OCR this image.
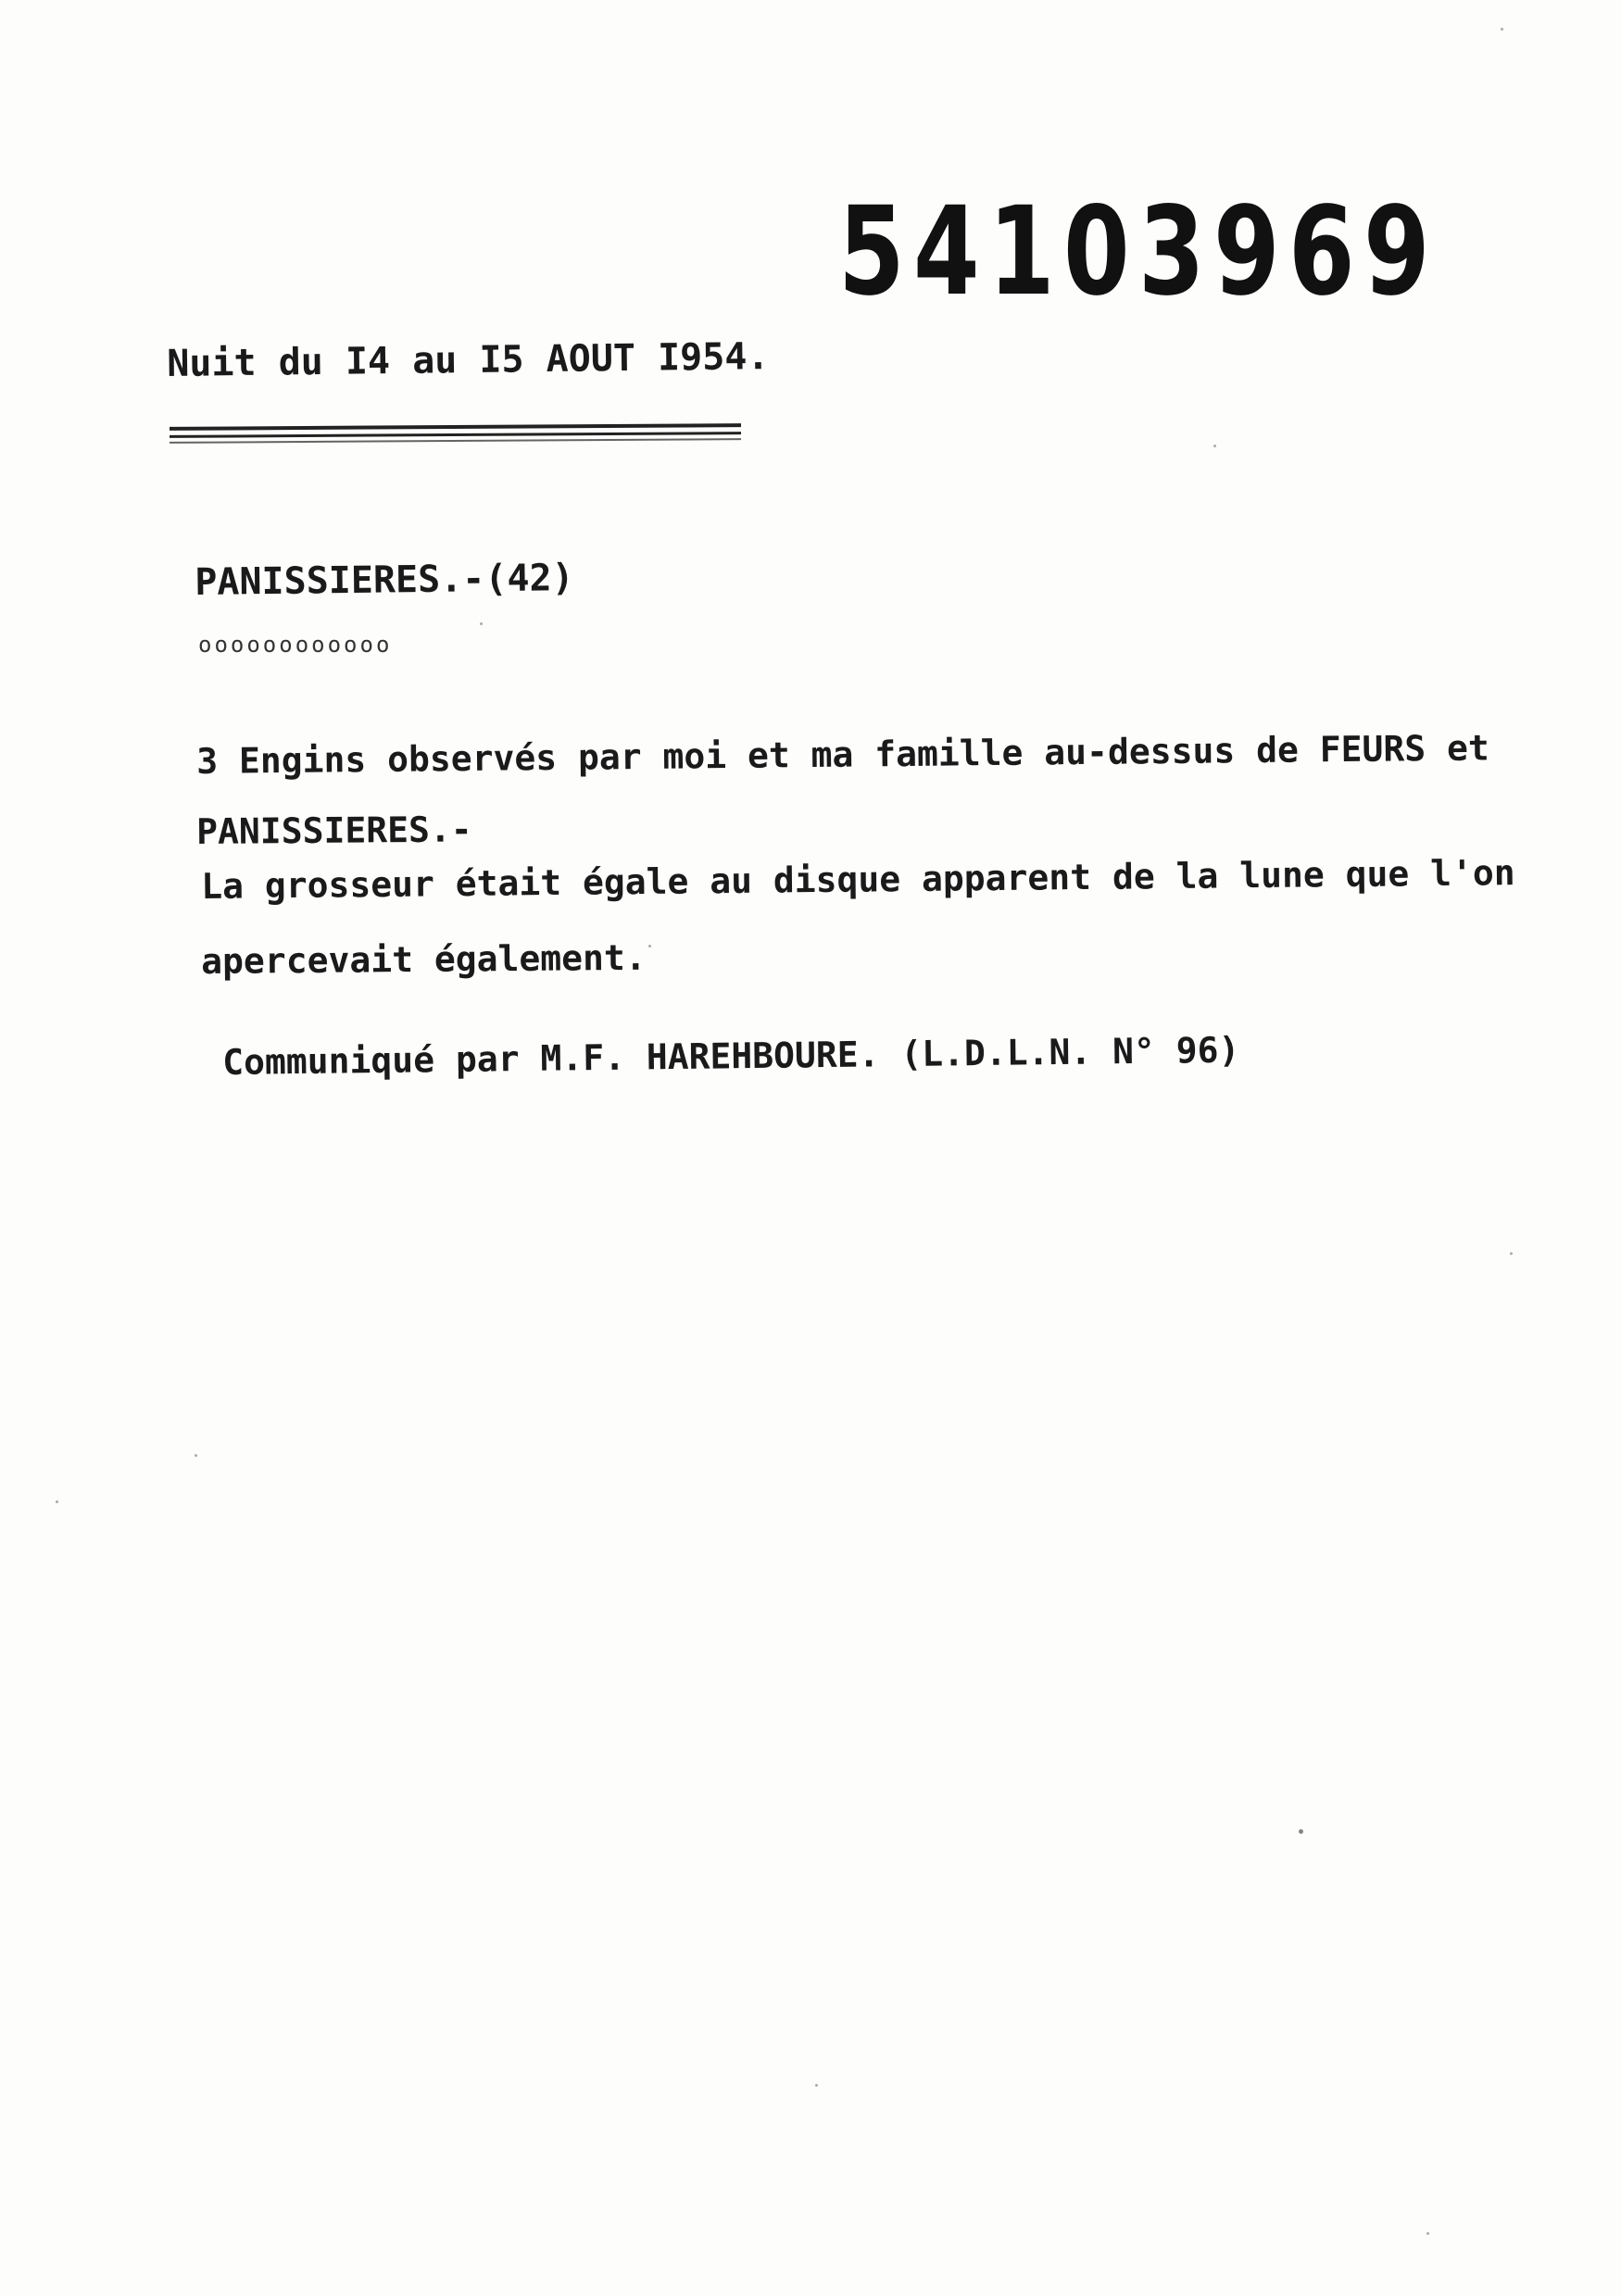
54103969
Nuit du I4 au I5 AOUT I954.
PANISSIERES.-(42)
oooooooooooo
3 Engins observés par moi et ma famille au-dessus de FEURS et
PANISSIERES.-
La grosseur était égale au disque apparent de la lune que l'on
apercevait également.
Communiqué par M.F. HAREHBOURE. (L.D.L.N. N° 96)
